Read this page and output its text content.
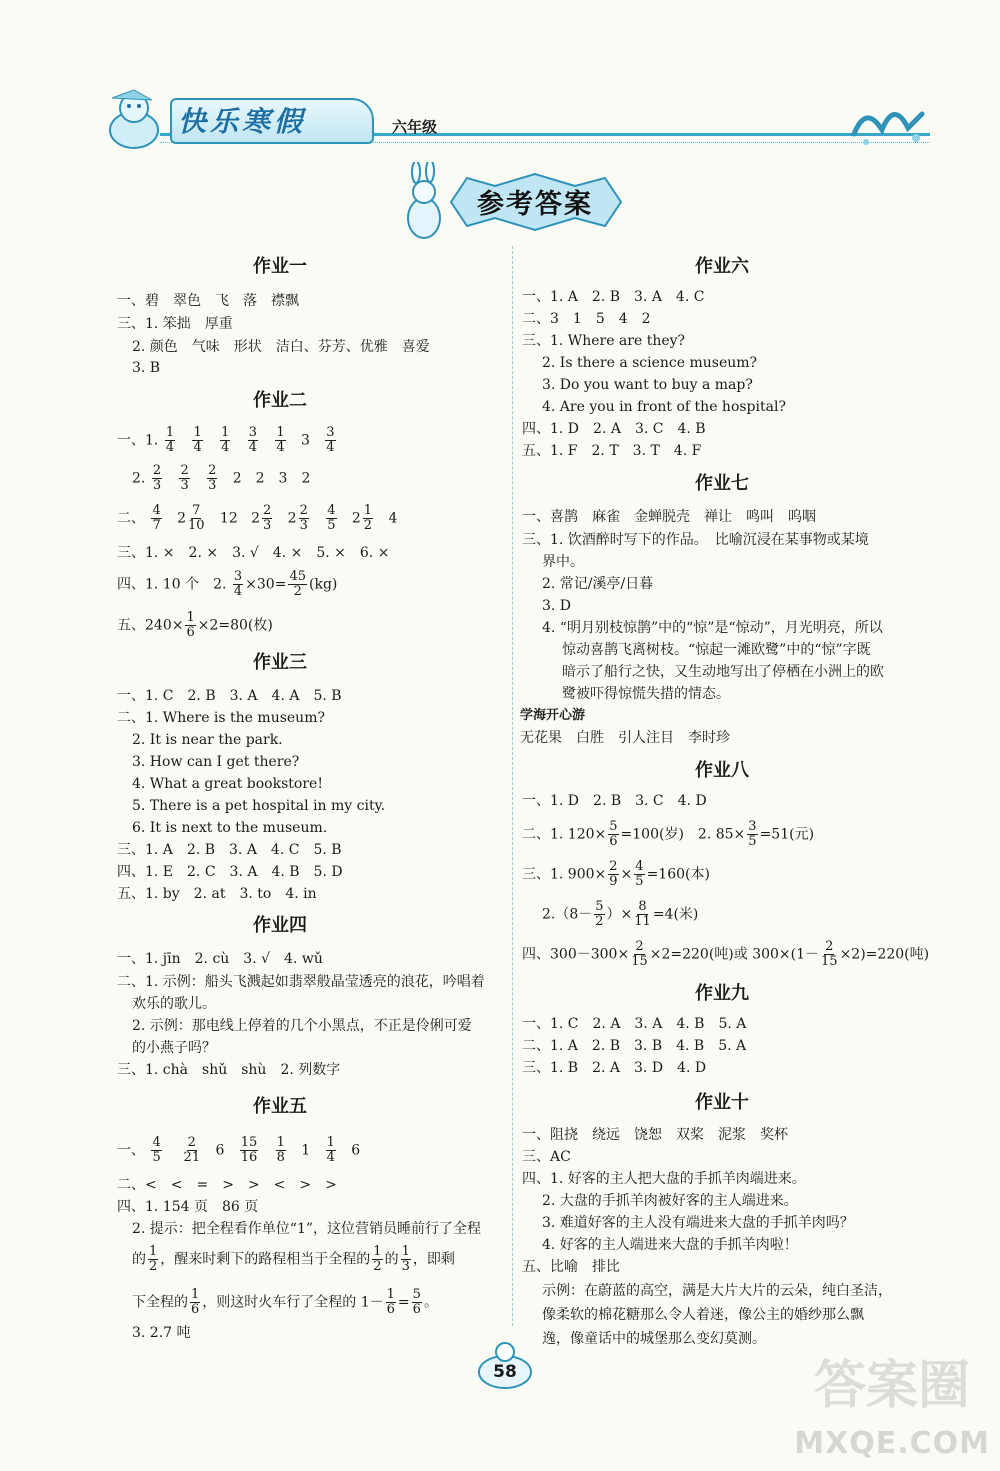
快乐寒假	六年级
参考答案
作业一
一、碧　翠色　飞　落　襟飘
三、1. 笨拙　厚重
2. 颜色　气味　形状　洁白、芬芳、优雅　喜爱
3. B
作业二
一、1. $\frac{1}{4}$
$\frac{1}{4}$
$\frac{1}{4}$
$\frac{3}{4}$
$\frac{1}{4} 3 \frac{3}{4}$
2. $\frac{2}{3}$
$\frac{2}{3}$
$\frac{2}{3} 2$　2　3　2
二、 $\frac{4}{7} 2 \frac{7}{10} 12$ $2 \frac{2}{3} 2 \frac{2}{3}$
$\frac{4}{5} 2 \frac{1}{2} 4$
三、1. ×　2. ×　3. √　4. ×　5. ×　6. ×
四、1. 10 个　2. $\frac{3}{4} \times 30= \frac{45}{2} (kg)$
五、$240\times \frac{1}{6} \times 2=80$(枚)
作业三
一、1. C　2. B　3. A　4. A　5. B
二、1. Where is the museum?
2. It is near the park.
3. How can I get there?
4. What a great bookstore!
5. There is a pet hospital in my city.
6. It is next to the museum.
三、1. A　2. B　3. A　4. C　5. B
四、1. E　2. C　3. A　4. B　5. D
五、1. by　2. at　3. to　4. in
作业四
一、1. jīn　2. cù　3. √　4. wǔ
二、1. 示例：船头飞溅起如翡翠般晶莹透亮的浪花，吟唱着
欢乐的歌儿。
2. 示例：那电线上停着的几个小黑点，不正是伶俐可爱
的小燕子吗？
三、1. chà　shǔ　shù　2. 列数字
作业五
一、 $\frac{4}{5}$
$\frac{2}{21} 6 \frac{15}{16}$
$\frac{1}{8} 1 \frac{1}{4} 6$
二、<　<　=　>　>　<　>　>
四、1. 154 页　86 页
2. 提示：把全程看作单位“1”，这位营销员睡前行了全程
的 $\frac{1}{2}$ ，醒来时剩下的路程相当于全程的 $\frac{1}{2}$ 的 $\frac{1}{3}$ ，即剩
下全程的 $\frac{1}{6}$ ，则这时火车行了全程的 $1- \frac{1}{6} = \frac{5}{6}$ 。
3. 2.7 吨
作业六
一、1. A　2. B　3. A　4. C
二、3　1　5　4　2
三、1. Where are they?
2. Is there a science museum?
3. Do you want to buy a map?
4. Are you in front of the hospital?
四、1. D　2. A　3. C　4. B
五、1. F　2. T　3. T　4. F
作业七
一、喜鹊　麻雀　金蝉脱壳　禅让　鸣叫　呜咽
三、1. 饮酒醉时写下的作品。　比喻沉浸在某事物或某境
界中。
2. 常记/溪亭/日暮
3. D
4. “明月别枝惊鹊”中的“惊”是“惊动”，月光明亮，所以
惊动喜鹊飞离树枝。“惊起一滩欧鹭”中的“惊”字既
暗示了船行之快，又生动地写出了停栖在小洲上的欧
鹭被吓得惊慌失措的情态。
学海开心游
无花果　白胜　引人注目　李时珍
作业八
一、1. D　2. B　3. C　4. D
二、1. $120\times \frac{5}{6} =100$(岁)　2. $85\times \frac{3}{5} =51$(元)
三、1. $900\times \frac{2}{9} \times \frac{4}{5} =160$(本)
$2.(8- \frac{5}{2}$ ）× $\frac{8}{11} =4$(米)
四、$300-300\times \frac{2}{15} \times 2=220$(吨)或 $300\times(1- \frac{2}{15} \times 2)=220$(吨)
作业九
一、1. C　2. A　3. A　4. B　5. A
二、1. A　2. B　3. B　4. B　5. A
三、1. B　2. A　3. D　4. D
作业十
一、阻挠　绕远　饶恕　双桨　泥浆　奖杯
三、AC
四、1. 好客的主人把大盘的手抓羊肉端进来。
2. 大盘的手抓羊肉被好客的主人端进来。
3. 难道好客的主人没有端进来大盘的手抓羊肉吗？
4. 好客的主人端进来大盘的手抓羊肉啦！
五、比喻　排比
示例：在蔚蓝的高空，满是大片大片的云朵，纯白圣洁，
像柔软的棉花糖那么令人着迷，像公主的婚纱那么飘
逸，像童话中的城堡那么变幻莫测。
58	答案圈
MXQE.COM
